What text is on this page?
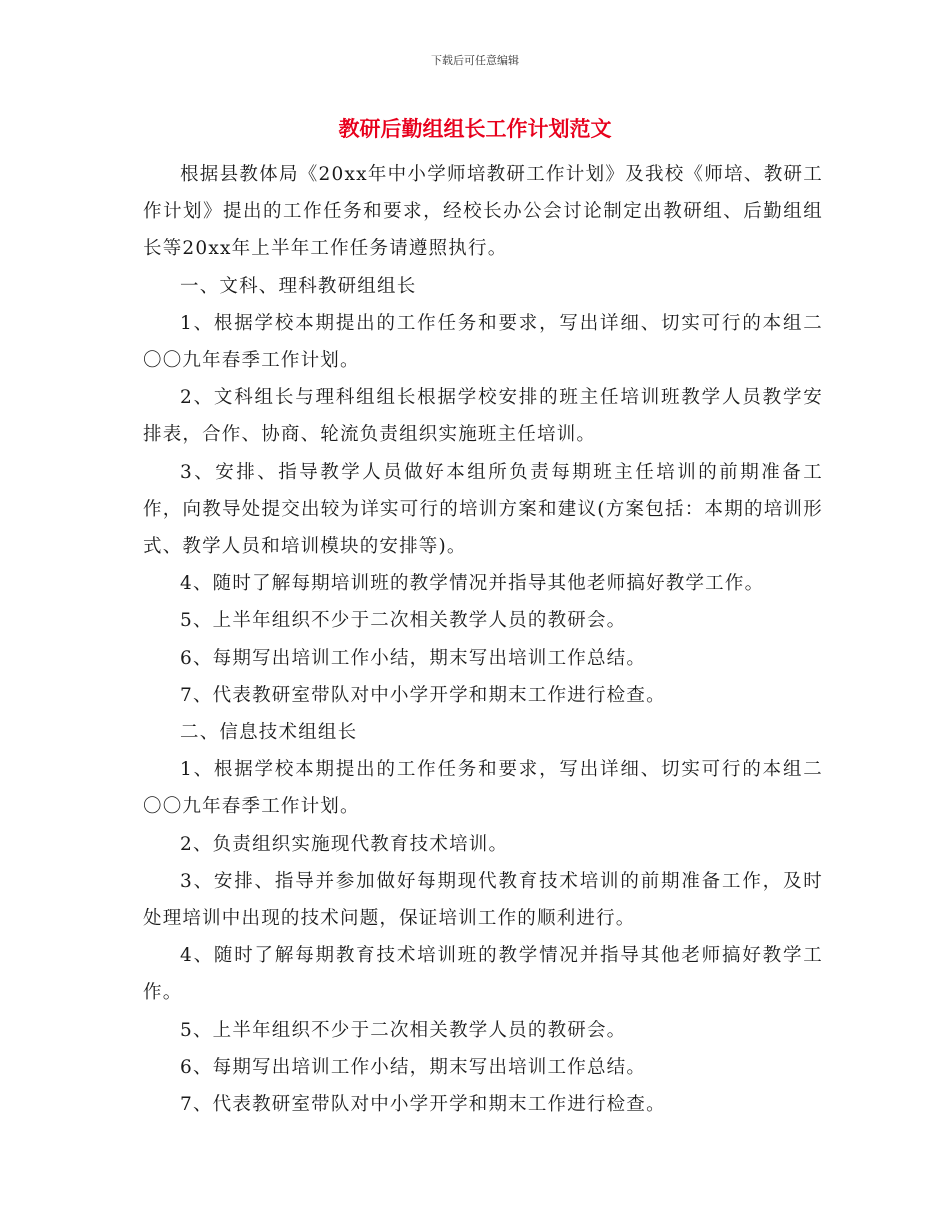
下载后可任意编辑
教研后勤组组长工作计划范文

根据县教体局《20xx年中小学师培教研工作计划》及我校《师培、教研工作计划》提出的工作任务和要求，经校长办公会讨论制定出教研组、后勤组组长等20xx年上半年工作任务请遵照执行。

一、文科、理科教研组组长

1、根据学校本期提出的工作任务和要求，写出详细、切实可行的本组二〇〇九年春季工作计划。

2、文科组长与理科组组长根据学校安排的班主任培训班教学人员教学安排表，合作、协商、轮流负责组织实施班主任培训。

3、安排、指导教学人员做好本组所负责每期班主任培训的前期准备工作，向教导处提交出较为详实可行的培训方案和建议(方案包括：本期的培训形式、教学人员和培训模块的安排等)。

4、随时了解每期培训班的教学情况并指导其他老师搞好教学工作。

5、上半年组织不少于二次相关教学人员的教研会。

6、每期写出培训工作小结，期末写出培训工作总结。

7、代表教研室带队对中小学开学和期末工作进行检查。

二、信息技术组组长

1、根据学校本期提出的工作任务和要求，写出详细、切实可行的本组二〇〇九年春季工作计划。

2、负责组织实施现代教育技术培训。

3、安排、指导并参加做好每期现代教育技术培训的前期准备工作，及时处理培训中出现的技术问题，保证培训工作的顺利进行。

4、随时了解每期教育技术培训班的教学情况并指导其他老师搞好教学工作。

5、上半年组织不少于二次相关教学人员的教研会。

6、每期写出培训工作小结，期末写出培训工作总结。

7、代表教研室带队对中小学开学和期末工作进行检查。
